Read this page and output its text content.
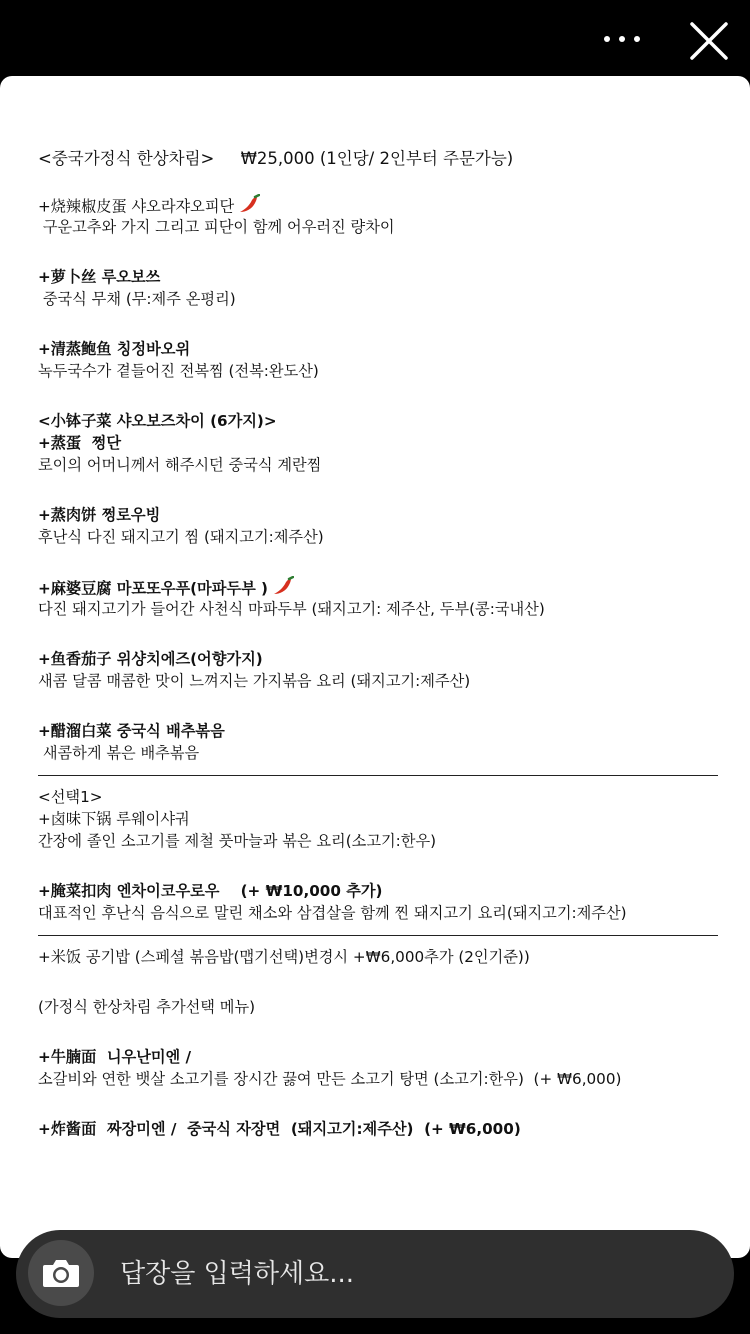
<중국가정식 한상차림>     ₩25,000 (1인당/ 2인부터 주문가능)
+烧辣椒皮蛋 샤오라쟈오피단
구운고추와 가지 그리고 피단이 함께 어우러진 량차이
+萝卜丝 루오보쓰
중국식 무채 (무:제주 온평리)
+清蒸鲍鱼 칭정바오위
녹두국수가 곁들어진 전복찜 (전복:완도산)
<小钵子菜 샤오보즈차이 (6가지)>
+蒸蛋  쩡단
로이의 어머니께서 해주시던 중국식 계란찜
+蒸肉饼 쩡로우빙
후난식 다진 돼지고기 찜 (돼지고기:제주산)
+麻婆豆腐 마포또우푸(마파두부 )
다진 돼지고기가 들어간 사천식 마파두부 (돼지고기: 제주산, 두부(콩:국내산)
+鱼香茄子 위샹치에즈(어향가지)
새콤 달콤 매콤한 맛이 느껴지는 가지볶음 요리 (돼지고기:제주산)
+醋溜白菜 중국식 배추볶음
새콤하게 볶은 배추볶음
<선택1>
+卤味下锅 루웨이샤궈
간장에 졸인 소고기를 제철 풋마늘과 볶은 요리(소고기:한우)
+腌菜扣肉 엔차이코우로우    (+ ₩10,000 추가)
대표적인 후난식 음식으로 말린 채소와 삼겹살을 함께 찐 돼지고기 요리(돼지고기:제주산)
+米饭 공기밥 (스페셜 볶음밥(맵기선택)변경시 +₩6,000추가 (2인기준))
(가정식 한상차림 추가선택 메뉴)
+牛腩面  니우난미엔 /
소갈비와 연한 뱃살 소고기를 장시간 끓여 만든 소고기 탕면 (소고기:한우)  (+ ₩6,000)
+炸酱面  짜장미엔 /  중국식 자장면  (돼지고기:제주산)  (+ ₩6,000)
답장을 입력하세요...
